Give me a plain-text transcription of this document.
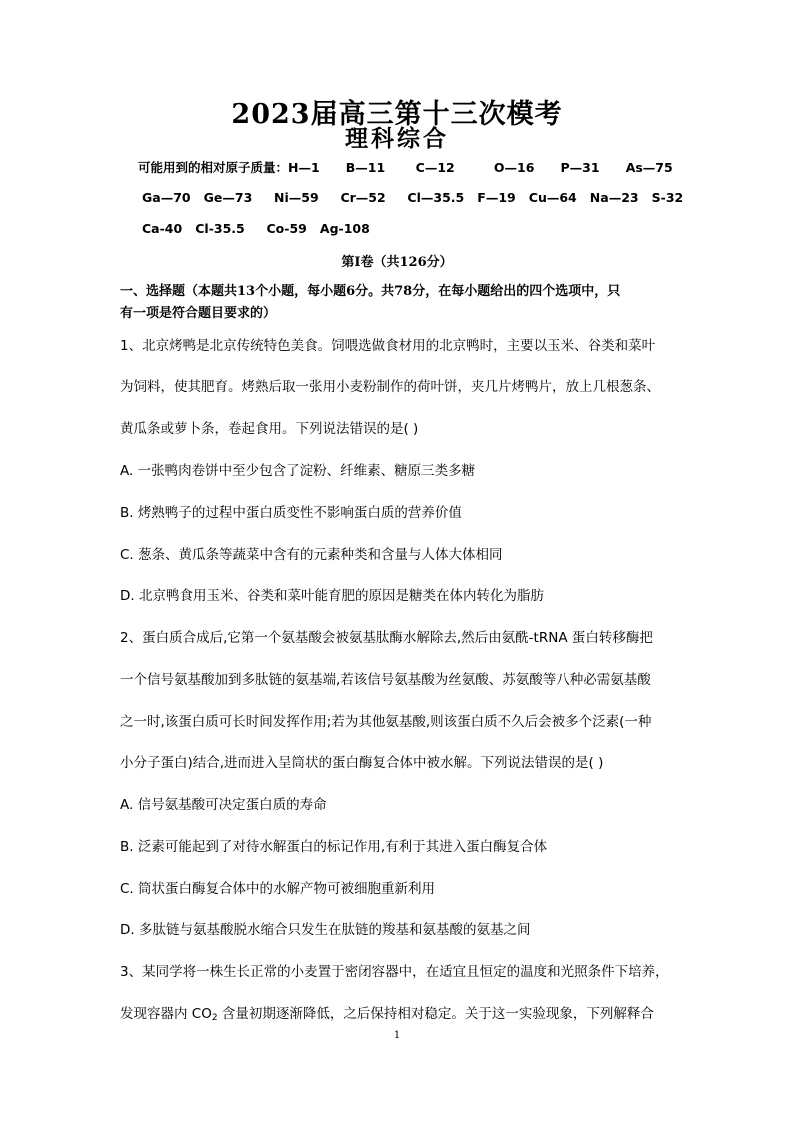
2023届高三第十三次模考
理科综合
可能用到的相对原子质量：H—1      B—11       C—12         O—16      P—31      As—75
Ga—70   Ge—73     Ni—59     Cr—52     Cl—35.5   F—19   Cu—64   Na—23   S-32
Ca-40   Cl-35.5     Co-59   Ag-108
第Ⅰ卷（共126分）
一、选择题（本题共13个小题，每小题6分。共78分，在每小题给出的四个选项中，只
有一项是符合题目要求的）
1、北京烤鸭是北京传统特色美食。饲喂选做食材用的北京鸭时，主要以玉米、谷类和菜叶
为饲料，使其肥育。烤熟后取一张用小麦粉制作的荷叶饼，夹几片烤鸭片，放上几根葱条、
黄瓜条或萝卜条，卷起食用。下列说法错误的是( )
A. 一张鸭肉卷饼中至少包含了淀粉、纤维素、糖原三类多糖
B. 烤熟鸭子的过程中蛋白质变性不影响蛋白质的营养价值
C. 葱条、黄瓜条等蔬菜中含有的元素种类和含量与人体大体相同
D. 北京鸭食用玉米、谷类和菜叶能育肥的原因是糖类在体内转化为脂肪
2、蛋白质合成后,它第一个氨基酸会被氨基肽酶水解除去,然后由氨酰-tRNA 蛋白转移酶把
一个信号氨基酸加到多肽链的氨基端,若该信号氨基酸为丝氨酸、苏氨酸等八种必需氨基酸
之一时,该蛋白质可长时间发挥作用;若为其他氨基酸,则该蛋白质不久后会被多个泛素(一种
小分子蛋白)结合,进而进入呈筒状的蛋白酶复合体中被水解。下列说法错误的是( )
A. 信号氨基酸可决定蛋白质的寿命
B. 泛素可能起到了对待水解蛋白的标记作用,有利于其进入蛋白酶复合体
C. 筒状蛋白酶复合体中的水解产物可被细胞重新利用
D. 多肽链与氨基酸脱水缩合只发生在肽链的羧基和氨基酸的氨基之间
3、某同学将一株生长正常的小麦置于密闭容器中，在适宜且恒定的温度和光照条件下培养，
发现容器内 $CO_2$ 含量初期逐渐降低，之后保持相对稳定。关于这一实验现象，下列解释合
1
